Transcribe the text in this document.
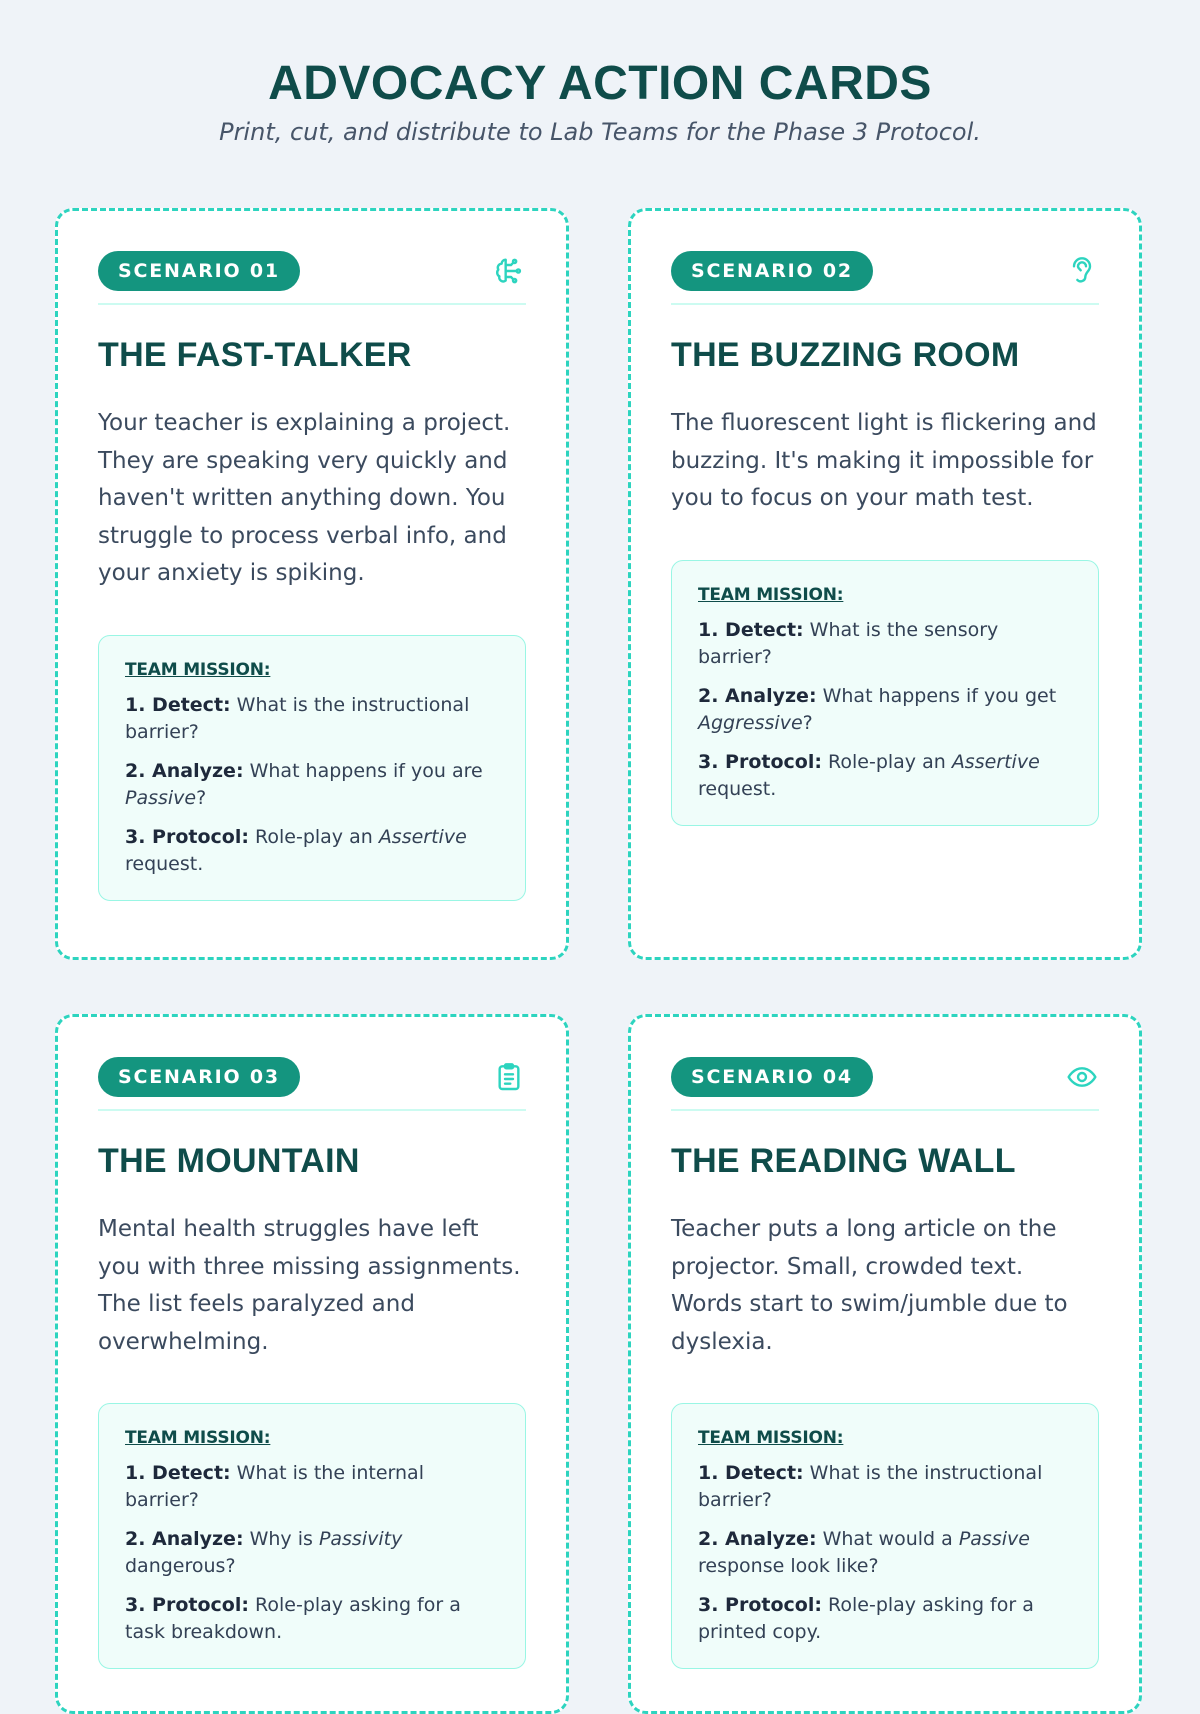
ADVOCACY ACTION CARDS

Print, cut, and distribute to Lab Teams for the Phase 3 Protocol.

SCENARIO 01
THE FAST-TALKER

Your teacher is explaining a project. They are speaking very quickly and haven't written anything down. You struggle to process verbal info, and your anxiety is spiking.

TEAM MISSION:
1. Detect: What is the instructional barrier?
2. Analyze: What happens if you are Passive?
3. Protocol: Role-play an Assertive request.
SCENARIO 02
THE BUZZING ROOM

The fluorescent light is flickering and buzzing. It's making it impossible for you to focus on your math test.

TEAM MISSION:
1. Detect: What is the sensory barrier?
2. Analyze: What happens if you get Aggressive?
3. Protocol: Role-play an Assertive request.
SCENARIO 03
THE MOUNTAIN

Mental health struggles have left you with three missing assignments. The list feels paralyzed and overwhelming.

TEAM MISSION:
1. Detect: What is the internal barrier?
2. Analyze: Why is Passivity dangerous?
3. Protocol: Role-play asking for a task breakdown.
SCENARIO 04
THE READING WALL

Teacher puts a long article on the projector. Small, crowded text. Words start to swim/jumble due to dyslexia.

TEAM MISSION:
1. Detect: What is the instructional barrier?
2. Analyze: What would a Passive response look like?
3. Protocol: Role-play asking for a printed copy.
